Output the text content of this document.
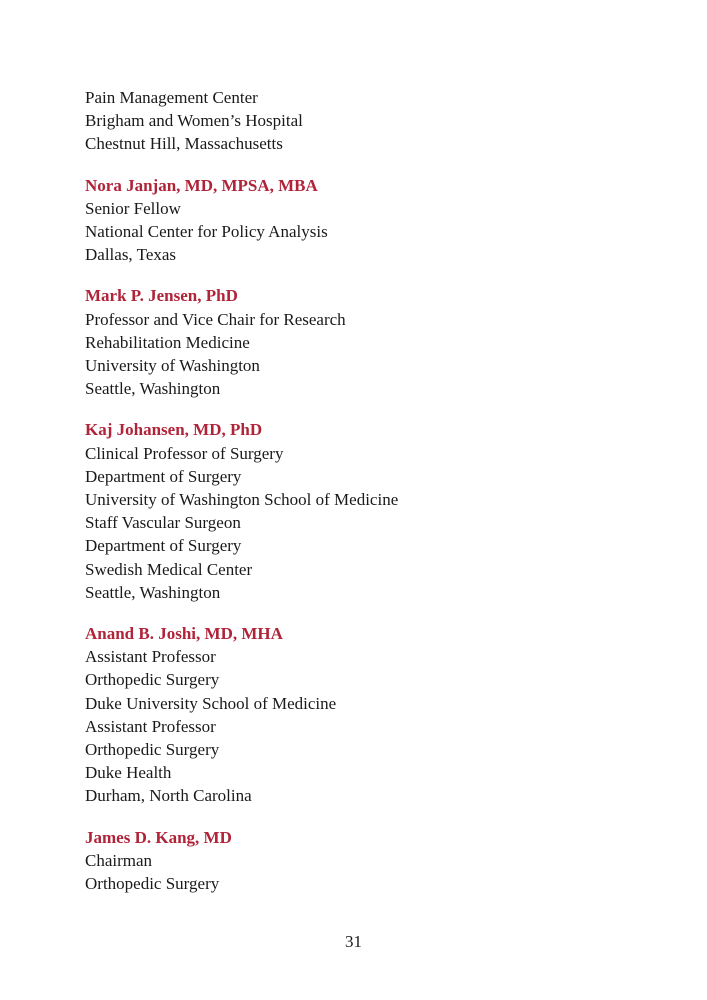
Pain Management Center

Brigham and Women’s Hospital

Chestnut Hill, Massachusetts

Nora Janjan, MD, MPSA, MBA

Senior Fellow

National Center for Policy Analysis

Dallas, Texas

Mark P. Jensen, PhD

Professor and Vice Chair for Research

Rehabilitation Medicine

University of Washington

Seattle, Washington

Kaj Johansen, MD, PhD

Clinical Professor of Surgery

Department of Surgery

University of Washington School of Medicine

Staff Vascular Surgeon

Department of Surgery

Swedish Medical Center

Seattle, Washington

Anand B. Joshi, MD, MHA

Assistant Professor

Orthopedic Surgery

Duke University School of Medicine

Assistant Professor

Orthopedic Surgery

Duke Health

Durham, North Carolina

James D. Kang, MD

Chairman

Orthopedic Surgery

31
